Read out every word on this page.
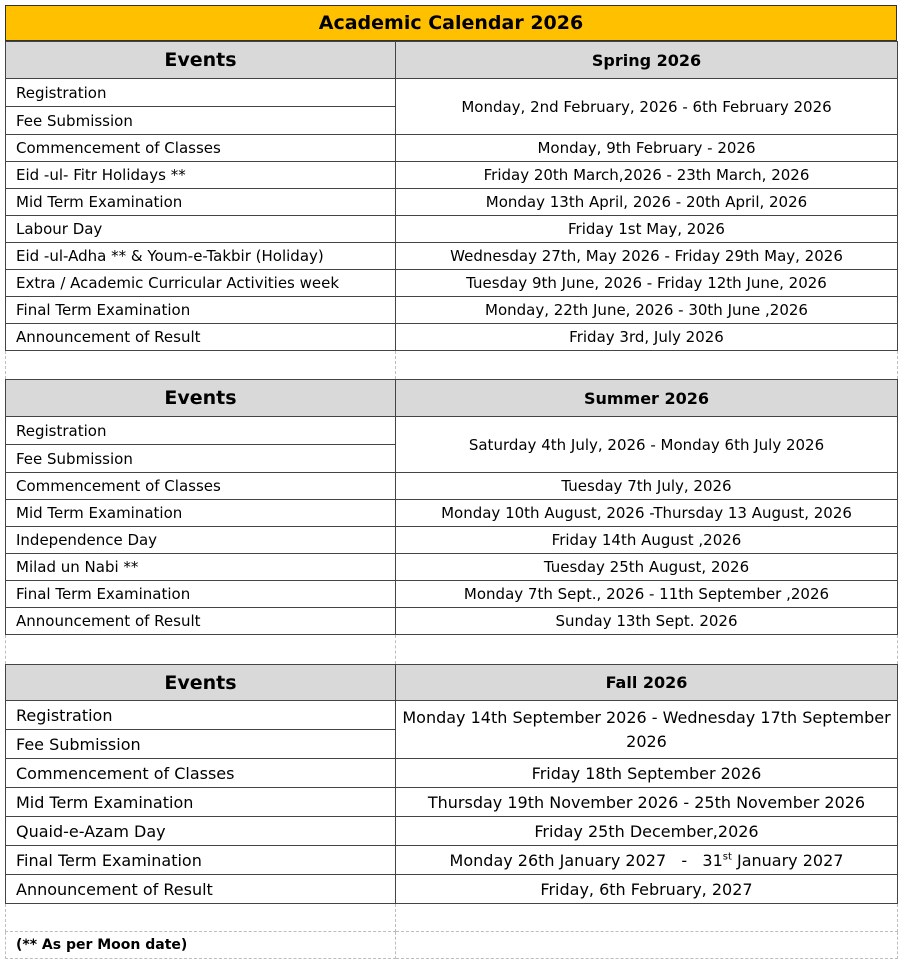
Academic Calendar 2026
Events	Spring 2026
Registration	Monday, 2nd February, 2026 - 6th February 2026
Fee Submission	
Commencement of Classes	Monday, 9th February - 2026
Eid -ul- Fitr Holidays **	Friday 20th March,2026 - 23th March, 2026
Mid Term Examination	Monday 13th April, 2026 - 20th April, 2026
Labour Day	Friday 1st May, 2026
Eid -ul-Adha ** & Youm-e-Takbir (Holiday)	Wednesday 27th, May 2026 - Friday 29th May, 2026
Extra / Academic Curricular Activities week	Tuesday 9th June, 2026 - Friday 12th June, 2026
Final Term Examination	Monday, 22th June, 2026 - 30th June ,2026
Announcement of Result	Friday 3rd, July 2026

Events	Summer 2026
Registration	Saturday 4th July, 2026 - Monday 6th July 2026
Fee Submission	
Commencement of Classes	Tuesday 7th July, 2026
Mid Term Examination	Monday 10th August, 2026 -Thursday 13 August, 2026
Independence Day	Friday 14th August ,2026
Milad un Nabi **	Tuesday 25th August, 2026
Final Term Examination	Monday 7th Sept., 2026 - 11th September ,2026
Announcement of Result	Sunday 13th Sept. 2026

Events	Fall 2026
Registration	Monday 14th September 2026 - Wednesday 17th September 2026
Fee Submission	
Commencement of Classes	Friday 18th September 2026
Mid Term Examination	Thursday 19th November 2026 - 25th November 2026
Quaid-e-Azam Day	Friday 25th December,2026
Final Term Examination	Monday 26th January 2027   -   31st January 2027
Announcement of Result	Friday, 6th February, 2027

(** As per Moon date)	
